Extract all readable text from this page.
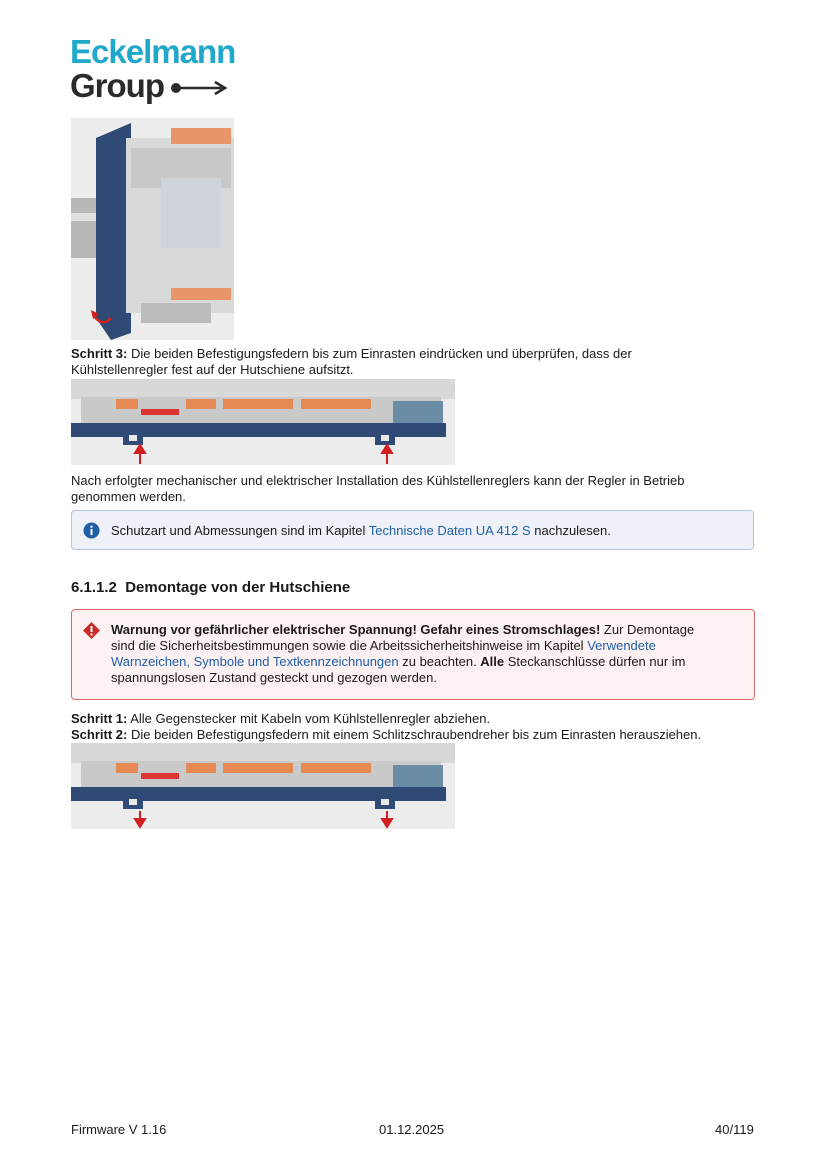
Eckelmann
Group
Schritt 3: Die beiden Befestigungsfedern bis zum Einrasten eindrücken und überprüfen, dass der
Kühlstellenregler fest auf der Hutschiene aufsitzt.
Nach erfolgter mechanischer und elektrischer Installation des Kühlstellenreglers kann der Regler in Betrieb
genommen werden.
Schutzart und Abmessungen sind im Kapitel Technische Daten UA 412 S nachzulesen.
6.1.1.2 Demontage von der Hutschiene
Warnung vor gefährlicher elektrischer Spannung! Gefahr eines Stromschlages! Zur Demontage
sind die Sicherheitsbestimmungen sowie die Arbeitssicherheitshinweise im Kapitel Verwendete
Warnzeichen, Symbole und Textkennzeichnungen zu beachten. Alle Steckanschlüsse dürfen nur im
spannungslosen Zustand gesteckt und gezogen werden.
Schritt 1: Alle Gegenstecker mit Kabeln vom Kühlstellenregler abziehen.
Schritt 2: Die beiden Befestigungsfedern mit einem Schlitzschraubendreher bis zum Einrasten herausziehen.
Firmware V 1.16	01.12.2025	40/119
